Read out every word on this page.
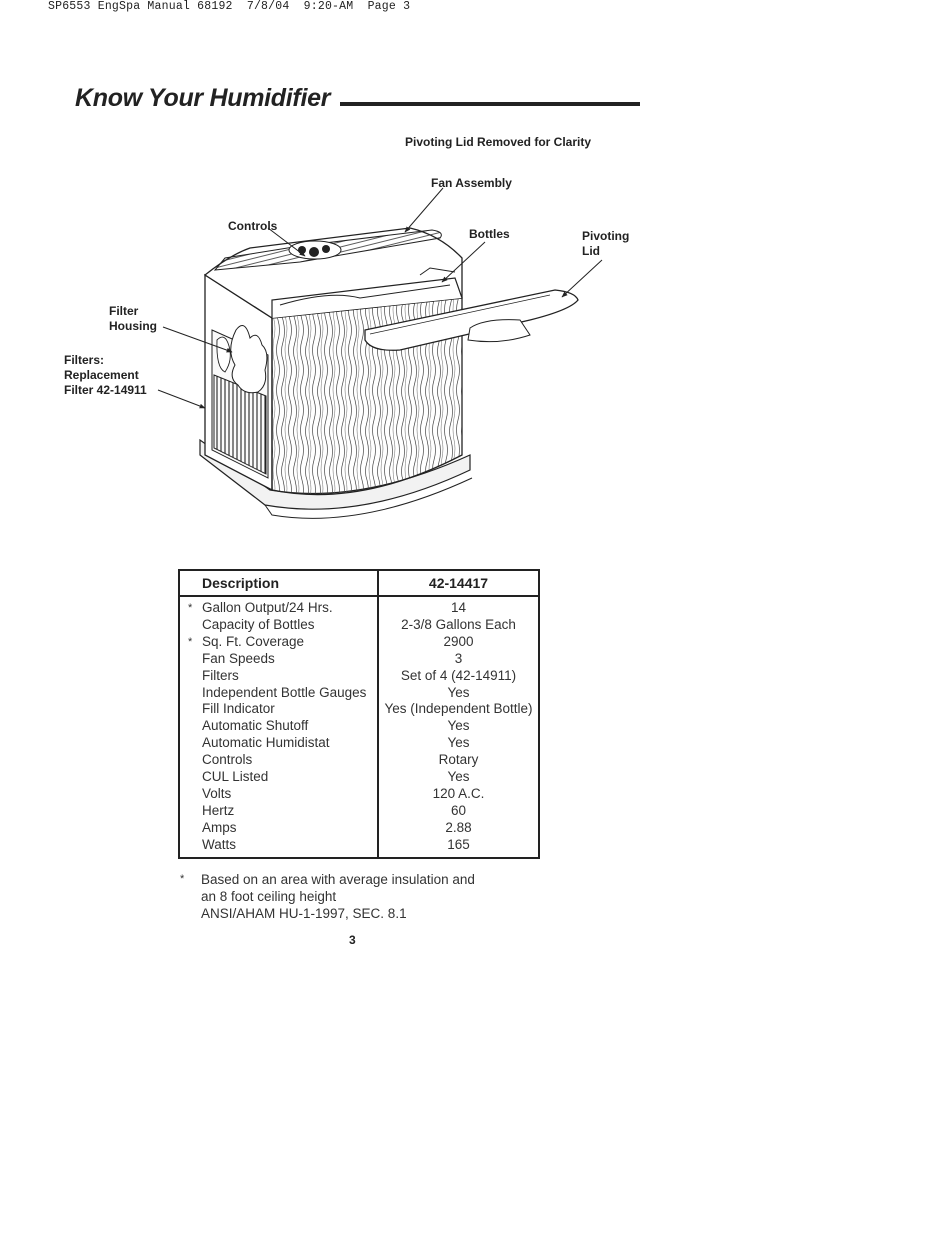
SP6553 EngSpa Manual 68192 7/8/04 9:20-AM Page 3
Know Your Humidifier
Pivoting Lid Removed for Clarity
Fan Assembly
Controls
Bottles	Pivoting
Lid
Filter
Housing
Filters:
Replacement
Filter 42-14911
Description	42-14417
* Gallon Output/24 Hrs.	14
Capacity of Bottles	2-3/8 Gallons Each
* Sq. Ft. Coverage	2900
Fan Speeds	3
Filters	Set of 4 (42-14911)
Independent Bottle Gauges	Yes
Fill Indicator	Yes (Independent Bottle)
Automatic Shutoff	Yes
Automatic Humidistat	Yes
Controls	Rotary
CUL Listed	Yes
Volts	120 A.C.
Hertz	60
Amps	2.88
Watts	165
* Based on an area with average insulation and
an 8 foot ceiling height
ANSI/AHAM HU-1-1997, SEC. 8.1
3
